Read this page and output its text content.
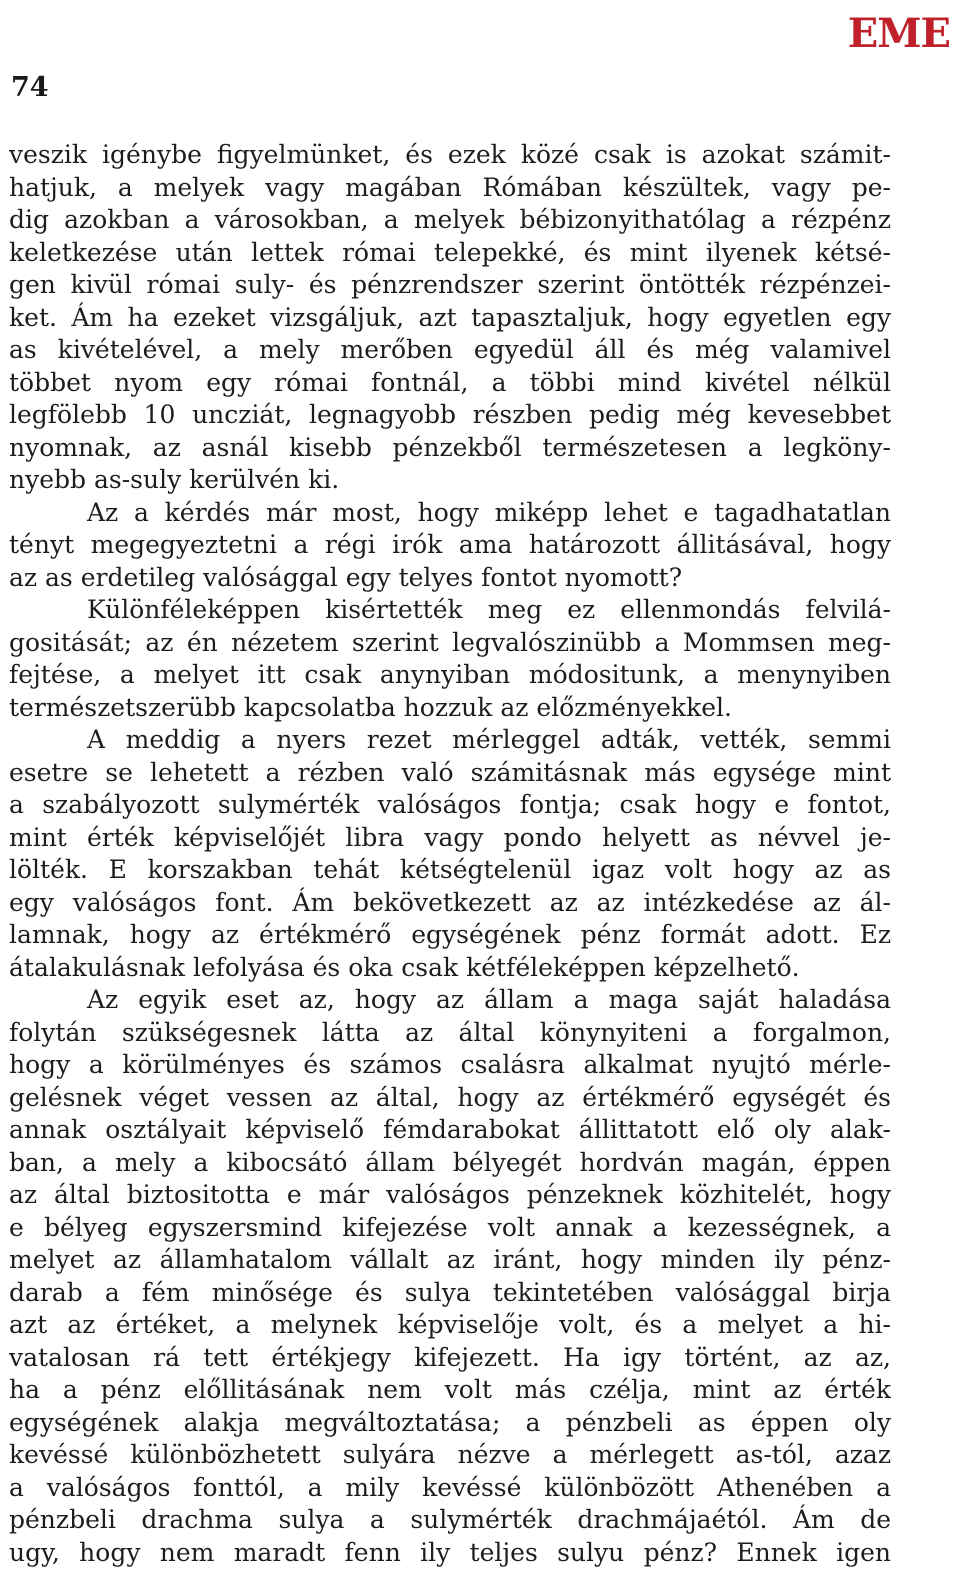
74
EME
veszik igénybe figyelmünket, és ezek közé csak is azokat számit-
hatjuk, a melyek vagy magában Rómában készültek, vagy pe-
dig azokban a városokban, a melyek bébizonyithatólag a rézpénz
keletkezése után lettek római telepekké, és mint ilyenek kétsé-
gen kivül római suly- és pénzrendszer szerint öntötték rézpénzei-
ket. Ám ha ezeket vizsgáljuk, azt tapasztaljuk, hogy egyetlen egy
as kivételével, a mely merőben egyedül áll és még valamivel
többet nyom egy római fontnál, a többi mind kivétel nélkül
legfölebb 10 uncziát, legnagyobb részben pedig még kevesebbet
nyomnak, az asnál kisebb pénzekből természetesen a legköny-
nyebb as-suly kerülvén ki.
Az a kérdés már most, hogy miképp lehet e tagadhatatlan
tényt megegyeztetni a régi irók ama határozott állitásával, hogy
az as erdetileg valósággal egy telyes fontot nyomott?
Különféleképpen kisértették meg ez ellenmondás felvilá-
gositását; az én nézetem szerint legvalószinübb a Mommsen meg-
fejtése, a melyet itt csak anynyiban módositunk, a menynyiben
természetszerübb kapcsolatba hozzuk az előzményekkel.
A meddig a nyers rezet mérleggel adták, vették, semmi
esetre se lehetett a rézben való számitásnak más egysége mint
a szabályozott sulymérték valóságos fontja; csak hogy e fontot,
mint érték képviselőjét libra vagy pondo helyett as névvel je-
lölték. E korszakban tehát kétségtelenül igaz volt hogy az as
egy valóságos font. Ám bekövetkezett az az intézkedése az ál-
lamnak, hogy az értékmérő egységének pénz formát adott. Ez
átalakulásnak lefolyása és oka csak kétféleképpen képzelhető.
Az egyik eset az, hogy az állam a maga saját haladása
folytán szükségesnek látta az által könynyiteni a forgalmon,
hogy a körülményes és számos csalásra alkalmat nyujtó mérle-
gelésnek véget vessen az által, hogy az értékmérő egységét és
annak osztályait képviselő fémdarabokat állittatott elő oly alak-
ban, a mely a kibocsátó állam bélyegét hordván magán, éppen
az által biztositotta e már valóságos pénzeknek közhitelét, hogy
e bélyeg egyszersmind kifejezése volt annak a kezességnek, a
melyet az államhatalom vállalt az iránt, hogy minden ily pénz-
darab a fém minősége és sulya tekintetében valósággal birja
azt az értéket, a melynek képviselője volt, és a melyet a hi-
vatalosan rá tett értékjegy kifejezett. Ha igy történt, az az,
ha a pénz előllitásának nem volt más czélja, mint az érték
egységének alakja megváltoztatása; a pénzbeli as éppen oly
kevéssé különbözhetett sulyára nézve a mérlegett as-tól, azaz
a valóságos fonttól, a mily kevéssé különbözött Athenében a
pénzbeli drachma sulya a sulymérték drachmájaétól. Ám de
ugy, hogy nem maradt fenn ily teljes sulyu pénz? Ennek igen
